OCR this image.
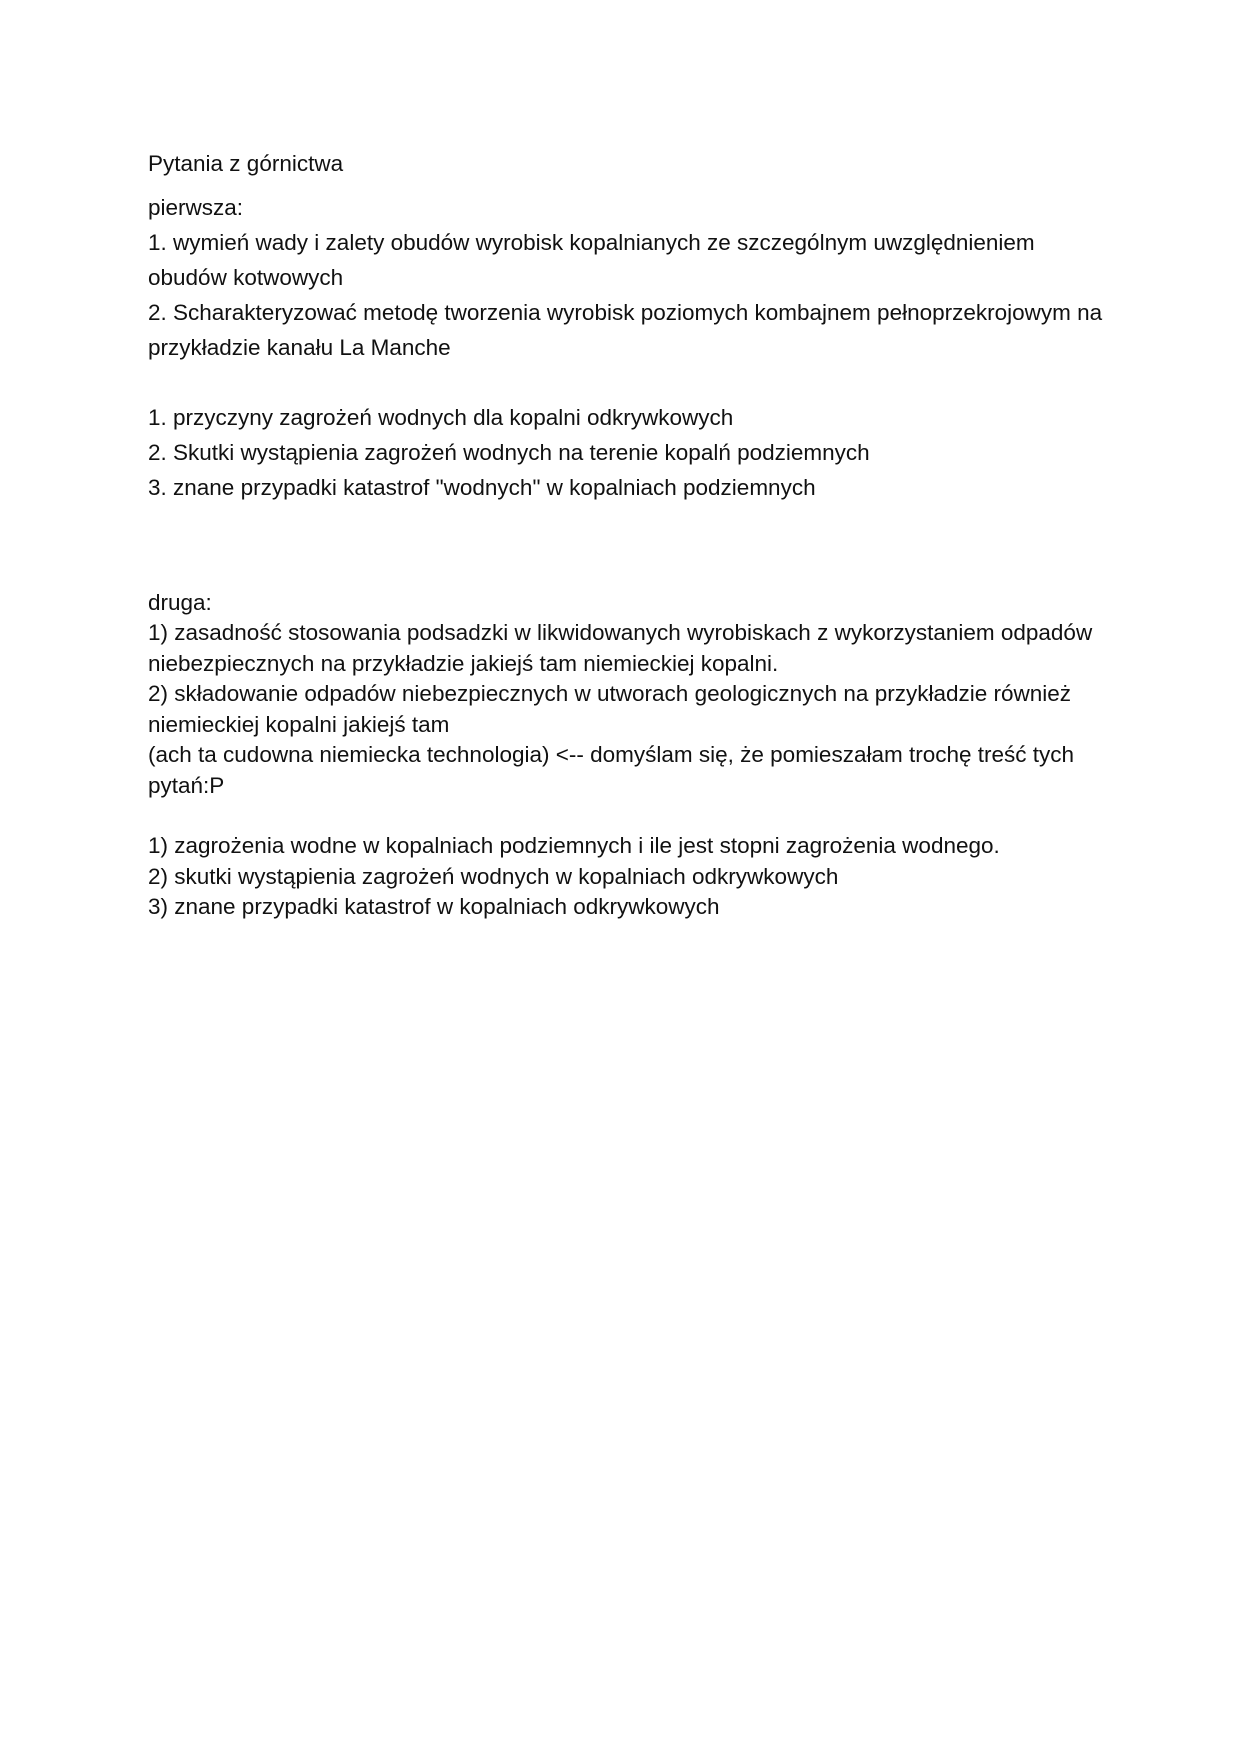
Pytania z górnictwa

pierwsza:

1. wymień wady i zalety obudów wyrobisk kopalnianych ze szczególnym uwzględnieniem obudów kotwowych

2. Scharakteryzować metodę tworzenia wyrobisk poziomych kombajnem pełnoprzekrojowym na przykładzie kanału La Manche

1. przyczyny zagrożeń wodnych dla kopalni odkrywkowych

2. Skutki wystąpienia zagrożeń wodnych na terenie kopalń podziemnych

3. znane przypadki katastrof "wodnych" w kopalniach podziemnych

druga:

1) zasadność stosowania podsadzki w likwidowanych wyrobiskach z wykorzystaniem odpadów niebezpiecznych na przykładzie jakiejś tam niemieckiej kopalni.

2) składowanie odpadów niebezpiecznych w utworach geologicznych na przykładzie również niemieckiej kopalni jakiejś tam

(ach ta cudowna niemiecka technologia) <-- domyślam się, że pomieszałam trochę treść tych pytań:P

1) zagrożenia wodne w kopalniach podziemnych i ile jest stopni zagrożenia wodnego.

2) skutki wystąpienia zagrożeń wodnych w kopalniach odkrywkowych

3) znane przypadki katastrof w kopalniach odkrywkowych
